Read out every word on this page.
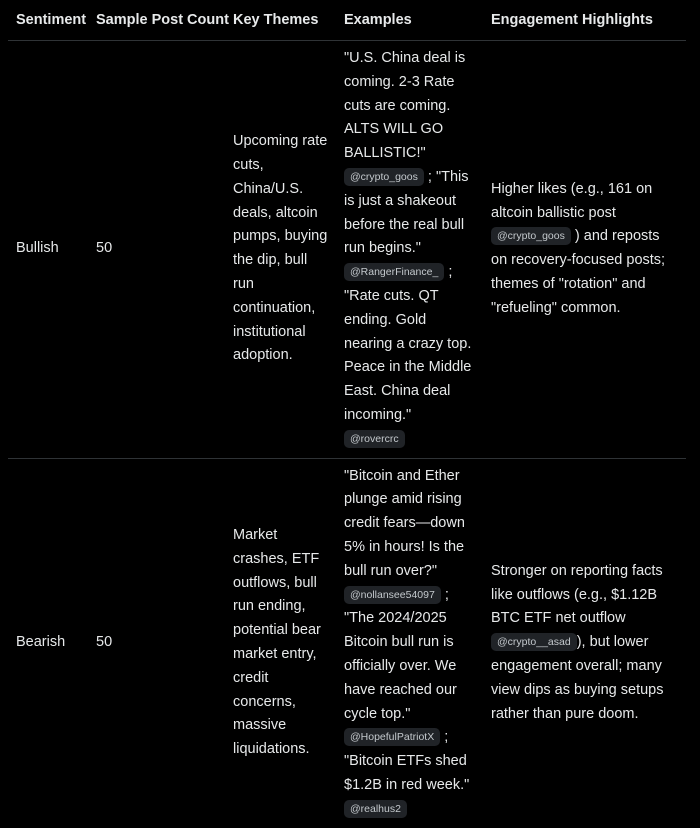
Sentiment	Sample Post Count	Key Themes	Examples	Engagement Highlights
Bullish	50	Upcoming rate cuts, China/U.S. deals, altcoin pumps, buying the dip, bull run continuation, institutional adoption.	"U.S. China deal is coming. 2-3 Rate cuts are coming. ALTS WILL GO BALLISTIC!" @crypto_goos ; "This is just a shakeout before the real bull run begins." @RangerFinance_ ; "Rate cuts. QT ending. Gold nearing a crazy top. Peace in the Middle East. China deal incoming." @rovercrc	Higher likes (e.g., 161 on altcoin ballistic post @crypto_goos ) and reposts on recovery-focused posts; themes of "rotation" and "refueling" common.
Bearish	50	Market crashes, ETF outflows, bull run ending, potential bear market entry, credit concerns, massive liquidations.	"Bitcoin and Ether plunge amid rising credit fears—down 5% in hours! Is the bull run over?" @nollansee54097 ; "The 2024/2025 Bitcoin bull run is officially over. We have reached our cycle top." @HopefulPatriotX ; "Bitcoin ETFs shed $1.2B in red week." @realhus2	Stronger on reporting facts like outflows (e.g., $1.12B BTC ETF net outflow @crypto__asad ), but lower engagement overall; many view dips as buying setups rather than pure doom.
